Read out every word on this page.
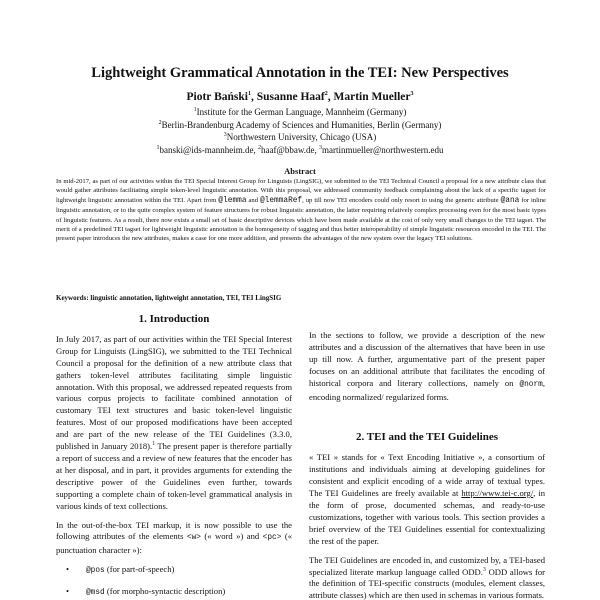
Lightweight Grammatical Annotation in the TEI: New Perspectives
Piotr Bański$^1$, Susanne Haaf$^2$, Martin Mueller$^3$
$^1$Institute for the German Language, Mannheim (Germany)
$^2$Berlin-Brandenburg Academy of Sciences and Humanities, Berlin (Germany)
$^3$Northwestern University, Chicago (USA)
$^1$banski@ids-mannheim.de, $^2$haaf@bbaw.de, $^3$martinmueller@northwestern.edu
Abstract
In mid-2017, as part of our activities within the TEI Special Interest Group for Linguists (LingSIG), we submitted to the TEI Technical Council a proposal for a new attribute class that would gather attributes facilitating simple token-level linguistic annotation. With this proposal, we addressed community feedback complaining about the lack of a specific tagset for lightweight linguistic annotation within the TEI. Apart from @lemma and @lemmaRef, up till now TEI encoders could only resort to using the generic attribute @ana for inline linguistic annotation, or to the quite complex system of feature structures for robust linguistic annotation, the latter requiring relatively complex processing even for the most basic types of linguistic features. As a result, there now exists a small set of basic descriptive devices which have been made available at the cost of only very small changes to the TEI tagset. The merit of a predefined TEI tagset for lightweight linguistic annotation is the homogeneity of tagging and thus better interoperability of simple linguistic resources encoded in the TEI. The present paper introduces the new attributes, makes a case for one more addition, and presents the advantages of the new system over the legacy TEI solutions.
Keywords: linguistic annotation, lightweight annotation, TEI, TEI LingSIG
1. Introduction

In July 2017, as part of our activities within the TEI Special Interest Group for Linguists (LingSIG), we submitted to the TEI Technical Council a proposal for the definition of a new attribute class that gathers token-level attributes facilitating simple linguistic annotation. With this proposal, we addressed repeated requests from various corpus projects to facilitate combined annotation of customary TEI text structures and basic token-level linguistic features. Most of our proposed modifications have been accepted and are part of the new release of the TEI Guidelines (3.3.0, published in January 2018).$^1$ The present paper is therefore partially a report of success and a review of new features that the encoder has at her disposal, and in part, it provides arguments for extending the descriptive power of the Guidelines even further, towards supporting a complete chain of token-level grammatical analysis in various kinds of text collections.

In the out-of-the-box TEI markup, it is now possible to use the following attributes of the elements <w> (« word ») and <pc> (« punctuation character »):

• @pos (for part-of-speech)
• @msd (for morpho-syntactic description)

In the sections to follow, we provide a description of the new attributes and a discussion of the alternatives that have been in use up till now. A further, argumentative part of the present paper focuses on an additional attribute that facilitates the encoding of historical corpora and literary collections, namely on @norm, encoding normalized/ regularized forms.

2. TEI and the TEI Guidelines

« TEI » stands for « Text Encoding Initiative », a consortium of institutions and individuals aiming at developing guidelines for consistent and explicit encoding of a wide array of textual types. The TEI Guidelines are freely available at http://www.tei-c.org/, in the form of prose, documented schemas, and ready-to-use customizations, together with various tools. This section provides a brief overview of the TEI Guidelines essential for contextualizing the rest of the paper.

The TEI Guidelines are encoded in, and customized by, a TEI-based specialized literate markup language called ODD.$^3$ ODD allows for the definition of TEI-specific constructs (modules, element classes, attribute classes) which are then used in schemas in various formats.
